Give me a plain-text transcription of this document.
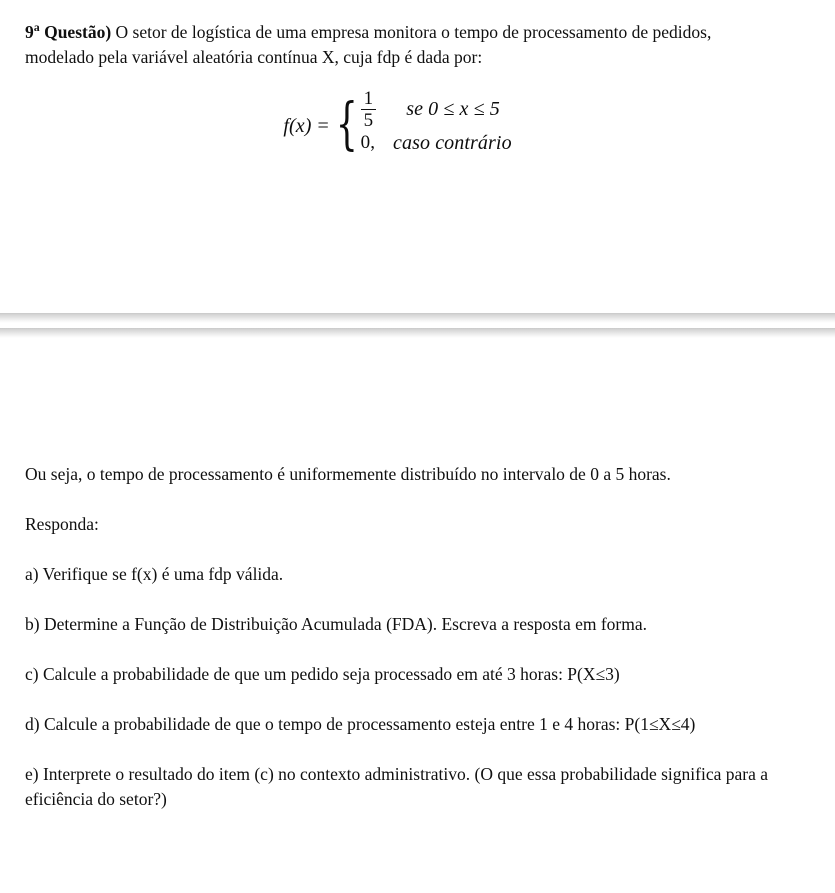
9$^a$ Questão) O setor de logística de uma empresa monitora o tempo de processamento de pedidos, modelado pela variável aleatória contínua X, cuja fdp é dada por:

f(x) = { $\frac{1}{5}$ se 0 ≤ x ≤ 5
0, caso contrário

Ou seja, o tempo de processamento é uniformemente distribuído no intervalo de 0 a 5 horas.

Responda:

a) Verifique se f(x) é uma fdp válida.

b) Determine a Função de Distribuição Acumulada (FDA). Escreva a resposta em forma.

c) Calcule a probabilidade de que um pedido seja processado em até 3 horas: P(X≤3)

d) Calcule a probabilidade de que o tempo de processamento esteja entre 1 e 4 horas: P(1≤X≤4)

e) Interprete o resultado do item (c) no contexto administrativo. (O que essa probabilidade significa para a eficiência do setor?)
